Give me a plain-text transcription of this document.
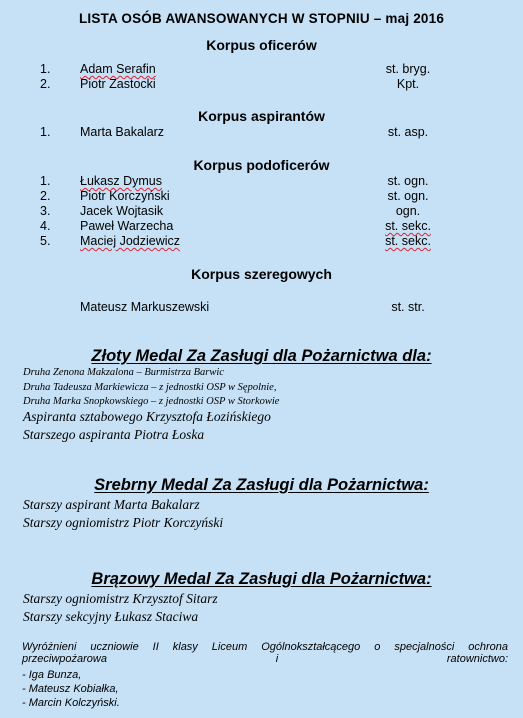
LISTA OSÓB AWANSOWANYCH W STOPNIU – maj 2016
Korpus oficerów
1. Adam Serafin	st. bryg.
2. Piotr Zastocki	Kpt.
Korpus aspirantów
1. Marta Bakalarz	st. asp.
Korpus podoficerów
1. Łukasz Dymus	st. ogn.
2. Piotr Korczyński	st. ogn.
3. Jacek Wojtasik	ogn.
4. Paweł Warzecha	st. sekc.
5. Maciej Jodziewicz	st. sekc.
Korpus szeregowych
Mateusz Markuszewski	st. str.
Złoty Medal Za Zasługi dla Pożarnictwa dla:
Druha Zenona Makzalona – Burmistrza Barwic
Druha Tadeusza Markiewicza – z jednostki OSP w Sępolnie,
Druha Marka Snopkowskiego – z jednostki OSP w Storkowie
Aspiranta sztabowego Krzysztofa Łozińskiego
Starszego aspiranta Piotra Łoska
Srebrny Medal Za Zasługi dla Pożarnictwa:
Starszy aspirant Marta Bakalarz
Starszy ogniomistrz Piotr Korczyński
Brązowy Medal Za Zasługi dla Pożarnictwa:
Starszy ogniomistrz Krzysztof Sitarz
Starszy sekcyjny Łukasz Staciwa
Wyróżnieni uczniowie II klasy Liceum Ogólnokształcącego o specjalności ochrona przeciwpożarowa i ratownictwo:
- Iga Bunza,
- Mateusz Kobiałka,
- Marcin Kolczyński.
